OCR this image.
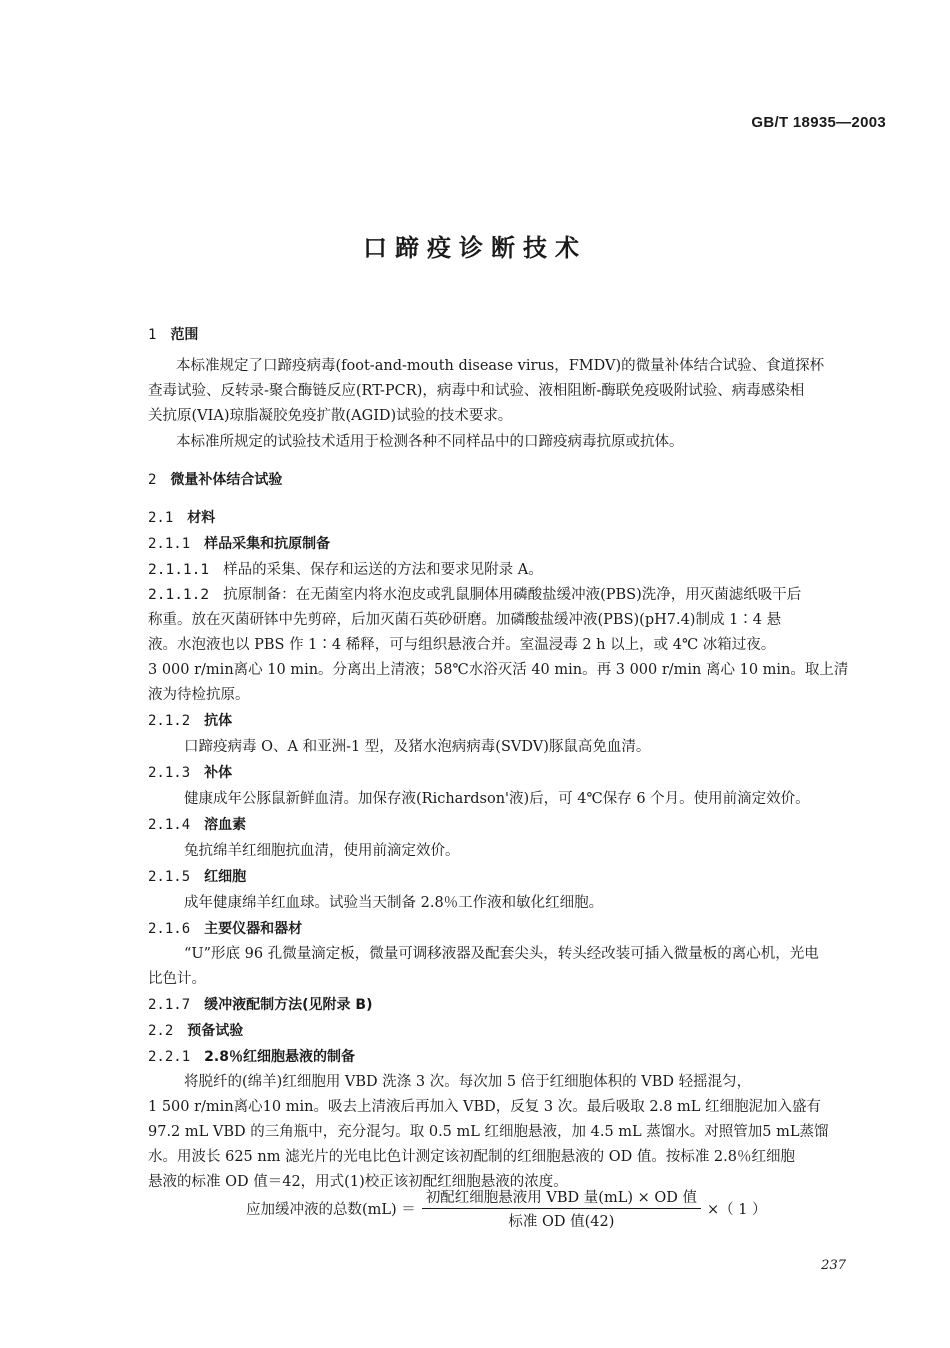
GB/T 18935—2003
口蹄疫诊断技术
1 范围
本标准规定了口蹄疫病毒(foot-and-mouth disease virus，FMDV)的微量补体结合试验、食道探杯
查毒试验、反转录-聚合酶链反应(RT-PCR)，病毒中和试验、液相阻断-酶联免疫吸附试验、病毒感染相
关抗原(VIA)琼脂凝胶免疫扩散(AGID)试验的技术要求。
本标准所规定的试验技术适用于检测各种不同样品中的口蹄疫病毒抗原或抗体。
2 微量补体结合试验
2.1 材料
2.1.1 样品采集和抗原制备
2.1.1.1 样品的采集、保存和运送的方法和要求见附录 A。
2.1.1.2 抗原制备：在无菌室内将水泡皮或乳鼠胴体用磷酸盐缓冲液(PBS)洗净，用灭菌滤纸吸干后
称重。放在灭菌研钵中先剪碎，后加灭菌石英砂研磨。加磷酸盐缓冲液(PBS)(pH7.4)制成 1∶4 悬
液。水泡液也以 PBS 作 1∶4 稀释，可与组织悬液合并。室温浸毒 2 h 以上，或 4℃ 冰箱过夜。
3 000 r/min离心 10 min。分离出上清液；58℃水浴灭活 40 min。再 3 000 r/min 离心 10 min。取上清
液为待检抗原。
2.1.2 抗体
口蹄疫病毒 O、A 和亚洲-1 型，及猪水泡病病毒(SVDV)豚鼠高免血清。
2.1.3 补体
健康成年公豚鼠新鲜血清。加保存液(Richardson'液)后，可 4℃保存 6 个月。使用前滴定效价。
2.1.4 溶血素
兔抗绵羊红细胞抗血清，使用前滴定效价。
2.1.5 红细胞
成年健康绵羊红血球。试验当天制备 2.8％工作液和敏化红细胞。
2.1.6 主要仪器和器材
“U”形底 96 孔微量滴定板，微量可调移液器及配套尖头，转头经改装可插入微量板的离心机，光电
比色计。
2.1.7 缓冲液配制方法(见附录 B)
2.2 预备试验
2.2.1 2.8％红细胞悬液的制备
将脱纤的(绵羊)红细胞用 VBD 洗涤 3 次。每次加 5 倍于红细胞体积的 VBD 轻摇混匀，
1 500 r/min离心10 min。吸去上清液后再加入 VBD，反复 3 次。最后吸取 2.8 mL 红细胞泥加入盛有
97.2 mL VBD 的三角瓶中，充分混匀。取 0.5 mL 红细胞悬液，加 4.5 mL 蒸馏水。对照管加5 mL蒸馏
水。用波长 625 nm 滤光片的光电比色计测定该初配制的红细胞悬液的 OD 值。按标准 2.8％红细胞
悬液的标准 OD 值＝42，用式(1)校正该初配红细胞悬液的浓度。
应加缓冲液的总数$(mL) = \frac{\text{初配红细胞悬液用 VBD 量(mL) × OD 值}}{\text{标准 OD 值(42)}}$ ×（ 1 ）
237
